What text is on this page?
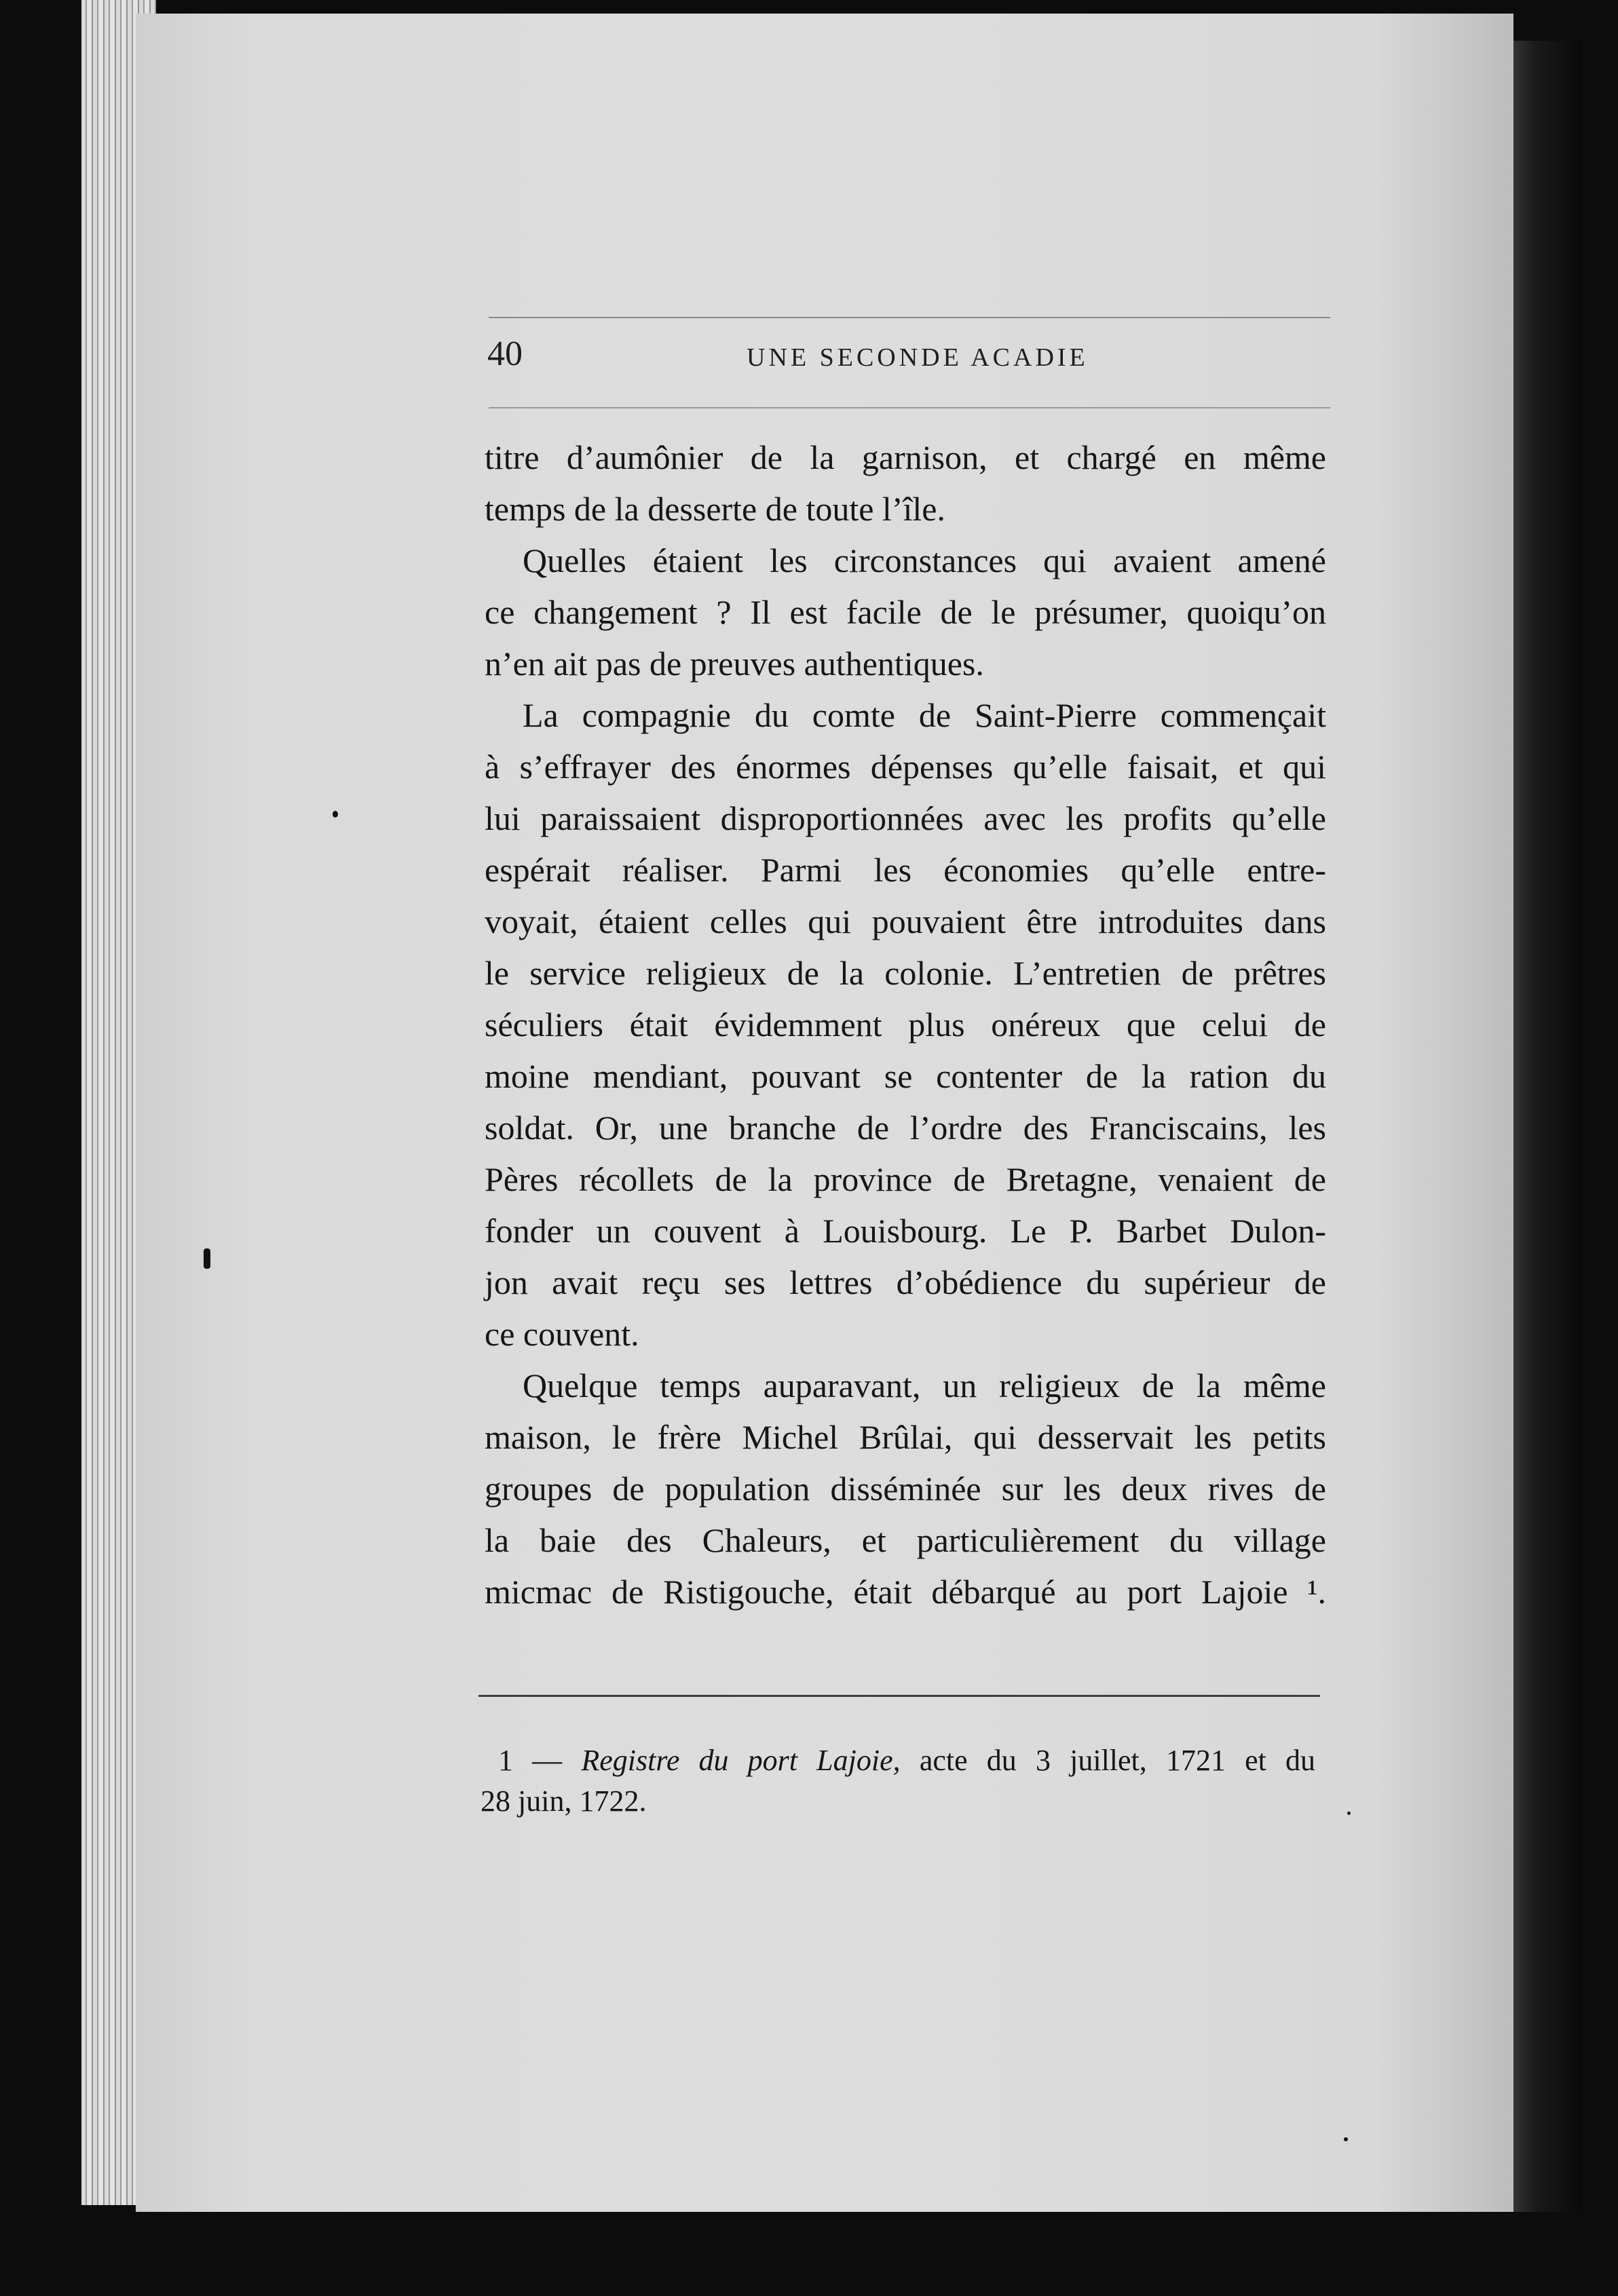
40	UNE SECONDE ACADIE
titre d’aumônier de la garnison, et chargé en même
temps de la desserte de toute l’île.
Quelles étaient les circonstances qui avaient amené
ce changement ? Il est facile de le présumer, quoiqu’on
n’en ait pas de preuves authentiques.
La compagnie du comte de Saint-Pierre commençait
à s’effrayer des énormes dépenses qu’elle faisait, et qui
lui paraissaient disproportionnées avec les profits qu’elle
espérait réaliser. Parmi les économies qu’elle entre-
voyait, étaient celles qui pouvaient être introduites dans
le service religieux de la colonie. L’entretien de prêtres
séculiers était évidemment plus onéreux que celui de
moine mendiant, pouvant se contenter de la ration du
soldat. Or, une branche de l’ordre des Franciscains, les
Pères récollets de la province de Bretagne, venaient de
fonder un couvent à Louisbourg. Le P. Barbet Dulon-
jon avait reçu ses lettres d’obédience du supérieur de
ce couvent.
Quelque temps auparavant, un religieux de la même
maison, le frère Michel Brûlai, qui desservait les petits
groupes de population disséminée sur les deux rives de
la baie des Chaleurs, et particulièrement du village
micmac de Ristigouche, était débarqué au port Lajoie ¹.
1 — Registre du port Lajoie, acte du 3 juillet, 1721 et du
28 juin, 1722.
